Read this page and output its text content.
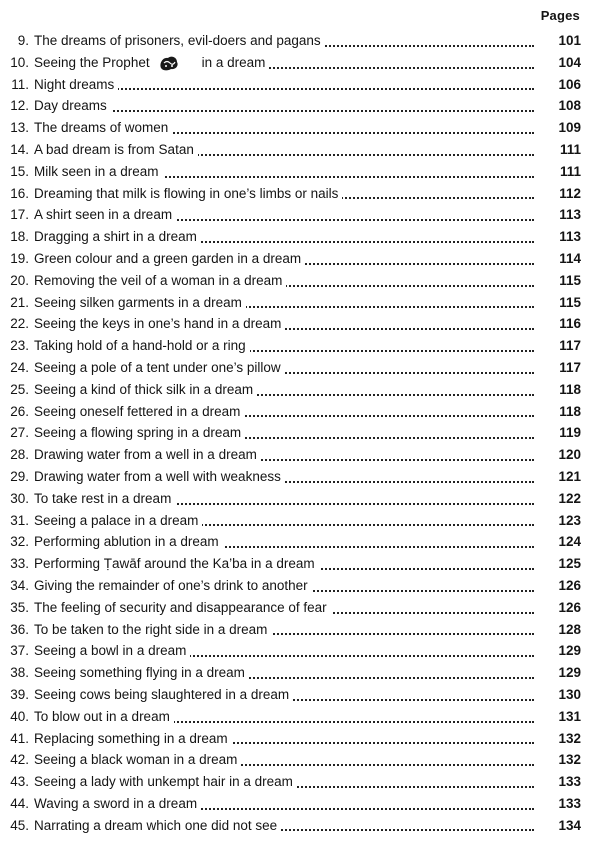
Pages
9. The dreams of prisoners, evil-doers and pagans	101
10. Seeing the Prophet	in a dream	104
11. Night dreams	106
12. Day dreams	108
13. The dreams of women	109
14. A bad dream is from Satan	111
15. Milk seen in a dream	111
16. Dreaming that milk is flowing in one’s limbs or nails	112
17. A shirt seen in a dream	113
18. Dragging a shirt in a dream	113
19. Green colour and a green garden in a dream	114
20. Removing the veil of a woman in a dream	115
21. Seeing silken garments in a dream	115
22. Seeing the keys in one’s hand in a dream	116
23. Taking hold of a hand-hold or a ring	117
24. Seeing a pole of a tent under one’s pillow	117
25. Seeing a kind of thick silk in a dream	118
26. Seeing oneself fettered in a dream	118
27. Seeing a flowing spring in a dream	119
28. Drawing water from a well in a dream	120
29. Drawing water from a well with weakness	121
30. To take rest in a dream	122
31. Seeing a palace in a dream	123
32. Performing ablution in a dream	124
33. Performing Ṭawāf around the Ka’ba in a dream	125
34. Giving the remainder of one’s drink to another	126
35. The feeling of security and disappearance of fear	126
36. To be taken to the right side in a dream	128
37. Seeing a bowl in a dream	129
38. Seeing something flying in a dream	129
39. Seeing cows being slaughtered in a dream	130
40. To blow out in a dream	131
41. Replacing something in a dream	132
42. Seeing a black woman in a dream	132
43. Seeing a lady with unkempt hair in a dream	133
44. Waving a sword in a dream	133
45. Narrating a dream which one did not see	134
